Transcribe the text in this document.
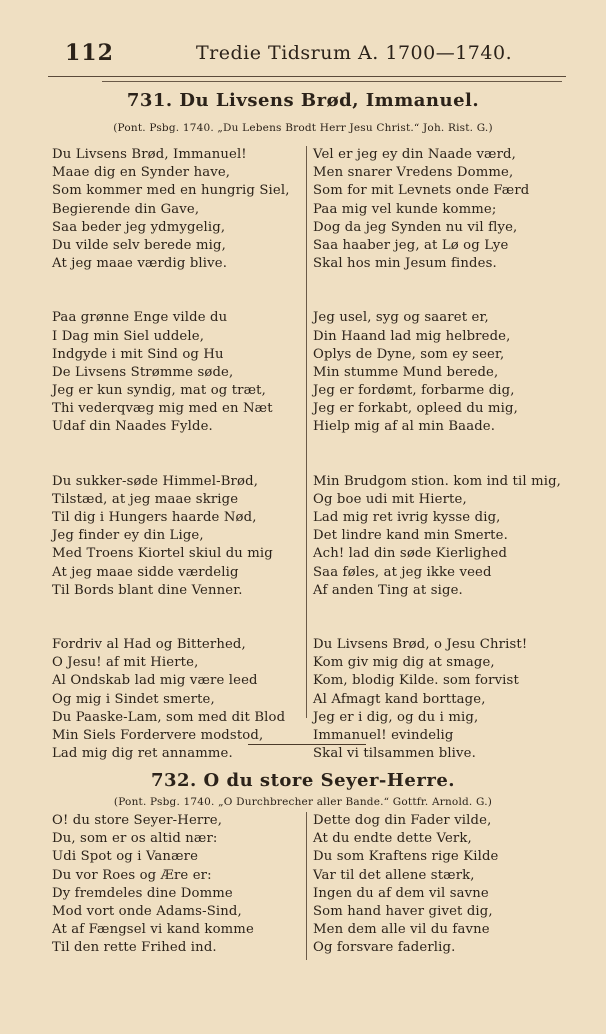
112	Tredie Tidsrum A. 1700—1740.
731. Du Livsens Brød, Immanuel.
(Pont. Psbg. 1740. „Du Lebens Brodt Herr Jesu Christ.“ Joh. Rist. G.)
Du Livsens Brød, Immanuel!
Maae dig en Synder have,
Som kommer med en hungrig Siel,
Begierende din Gave,
Saa beder jeg ydmygelig,
Du vilde selv berede mig,
At jeg maae værdig blive.
Paa grønne Enge vilde du
I Dag min Siel uddele,
Indgyde i mit Sind og Hu
De Livsens Strømme søde,
Jeg er kun syndig, mat og træt,
Thi vederqvæg mig med en Næt
Udaf din Naades Fylde.
Du sukker-søde Himmel-Brød,
Tilstæd, at jeg maae skrige
Til dig i Hungers haarde Nød,
Jeg finder ey din Lige,
Med Troens Kiortel skiul du mig
At jeg maae sidde værdelig
Til Bords blant dine Venner.
Fordriv al Had og Bitterhed,
O Jesu! af mit Hierte,
Al Ondskab lad mig være leed
Og mig i Sindet smerte,
Du Paaske-Lam, som med dit Blod
Min Siels Fordervere modstod,
Lad mig dig ret annamme.
Vel er jeg ey din Naade værd,
Men snarer Vredens Domme,
Som for mit Levnets onde Færd
Paa mig vel kunde komme;
Dog da jeg Synden nu vil flye,
Saa haaber jeg, at Lø og Lye
Skal hos min Jesum findes.
Jeg usel, syg og saaret er,
Din Haand lad mig helbrede,
Oplys de Dyne, som ey seer,
Min stumme Mund berede,
Jeg er fordømt, forbarme dig,
Jeg er forkabt, opleed du mig,
Hielp mig af al min Baade.
Min Brudgom stion. kom ind til mig,
Og boe udi mit Hierte,
Lad mig ret ivrig kysse dig,
Det lindre kand min Smerte.
Ach! lad din søde Kierlighed
Saa føles, at jeg ikke veed
Af anden Ting at sige.
Du Livsens Brød, o Jesu Christ!
Kom giv mig dig at smage,
Kom, blodig Kilde. som forvist
Al Afmagt kand borttage,
Jeg er i dig, og du i mig,
Immanuel! evindelig
Skal vi tilsammen blive.
732. O du store Seyer-Herre.
(Pont. Psbg. 1740. „O Durchbrecher aller Bande.“ Gottfr. Arnold. G.)
O! du store Seyer-Herre,
Du, som er os altid nær:
Udi Spot og i Vanære
Du vor Roes og Ære er:
Dy fremdeles dine Domme
Mod vort onde Adams-Sind,
At af Fængsel vi kand komme
Til den rette Frihed ind.
Dette dog din Fader vilde,
At du endte dette Verk,
Du som Kraftens rige Kilde
Var til det allene stærk,
Ingen du af dem vil savne
Som hand haver givet dig,
Men dem alle vil du favne
Og forsvare faderlig.
